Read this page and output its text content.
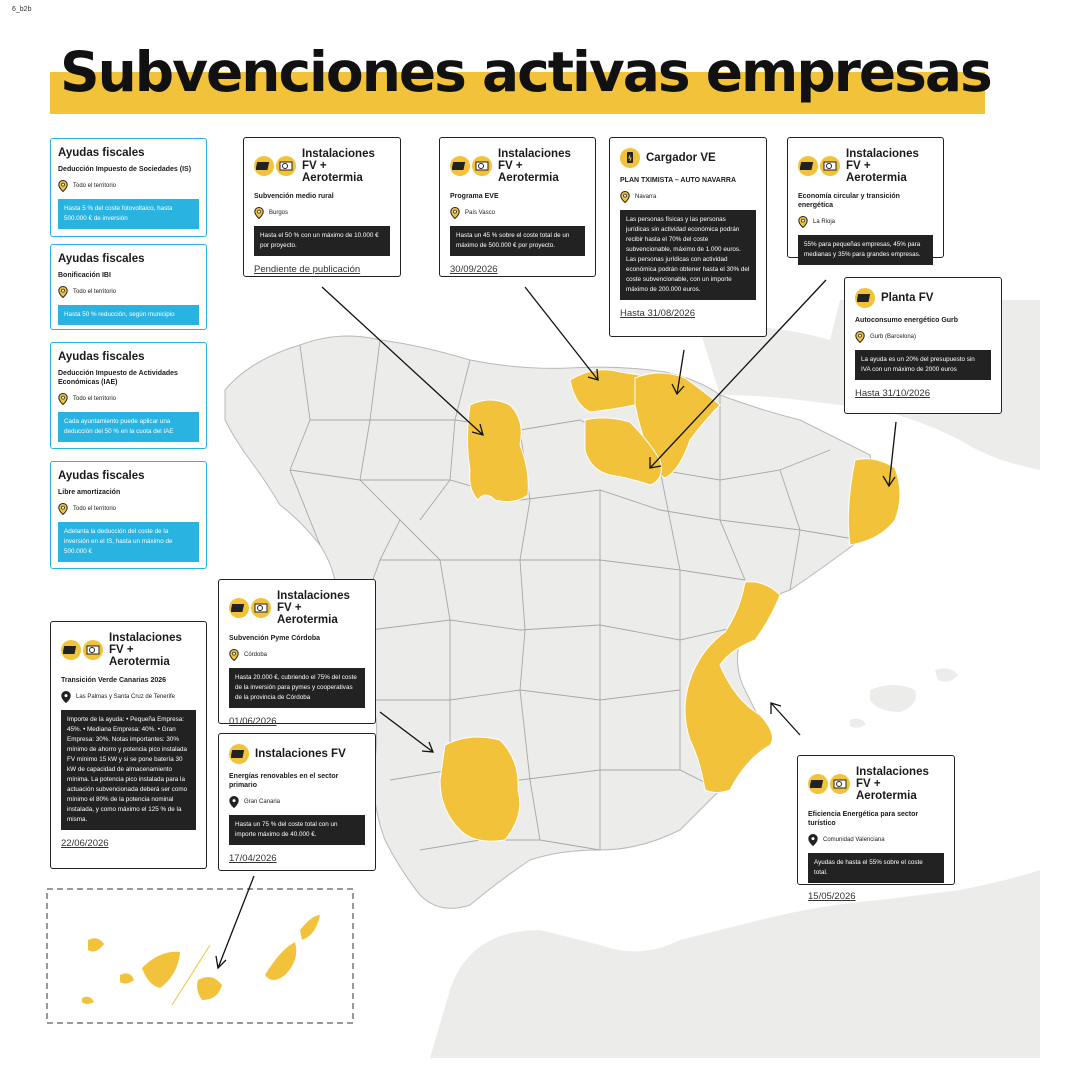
6_b2b
Subvenciones activas empresas
Ayudas fiscales
Deducción Impuesto de Sociedades (IS)
Todo el territorio
Hasta 5 % del coste fotovoltaico, hasta 500.000 € de inversión
Ayudas fiscales
Bonificación IBI
Todo el territorio
Hasta 50 % reducción, según municipio
Ayudas fiscales
Deducción Impuesto de Actividades Económicas (IAE)
Todo el territorio
Cada ayuntamiento puede aplicar una deducción del 50 % en la cuota del IAE
Ayudas fiscales
Libre amortización
Todo el territorio
Adelanta la deducción del coste de la inversión en el IS, hasta un máximo de 500.000 €
Instalaciones FV + Aerotermia
Subvención medio rural
Burgos
Hasta el 50 % con un máximo de 10.000 € por proyecto.
Pendiente de publicación
Instalaciones FV + Aerotermia
Programa EVE
País Vasco
Hasta un 45 % sobre el coste total de un máximo de 500.000 € por proyecto.
30/09/2026
Cargador VE
PLAN TXIMISTA – AUTO NAVARRA
Navarra
Las personas físicas y las personas jurídicas sin actividad económica podrán recibir hasta el 70% del coste subvencionable, máximo de 1.000 euros. Las personas jurídicas con actividad económica podrán obtener hasta el 30% del coste subvencionable, con un importe máximo de 200.000 euros.
Hasta 31/08/2026
Instalaciones FV + Aerotermia
Economía circular y transición energética
La Rioja
55% para pequeñas empresas, 45% para medianas y 35% para grandes empresas.
Planta FV
Autoconsumo energético Gurb
Gurb (Barcelona)
La ayuda es un 20% del presupuesto sin IVA con un máximo de 2000 euros
Hasta 31/10/2026
Instalaciones FV + Aerotermia
Subvención Pyme Córdoba
Córdoba
Hasta 20.000 €, cubriendo el 75% del coste de la inversión para pymes y cooperativas de la provincia de Córdoba
01/06/2026
Instalaciones FV + Aerotermia
Transición Verde Canarias 2026
Las Palmas y Santa Cruz de Tenerife
Importe de la ayuda: • Pequeña Empresa: 45%. • Mediana Empresa: 40%. • Gran Empresa: 30%. Notas importantes: 30% mínimo de ahorro y potencia pico instalada FV mínimo 15 kW y si se pone batería 30 kW de capacidad de almacenamiento mínima. La potencia pico instalada para la actuación subvencionada deberá ser como mínimo el 80% de la potencia nominal instalada, y como máximo el 125 % de la misma.
22/06/2026
Instalaciones FV
Energías renovables en el sector primario
Gran Canaria
Hasta un 75 % del coste total con un importe máximo de 40.000 €.
17/04/2026
Instalaciones FV + Aerotermia
Eficiencia Energética para sector turístico
Comunidad Valenciana
Ayudas de hasta el 55% sobre el coste total.
15/05/2026
